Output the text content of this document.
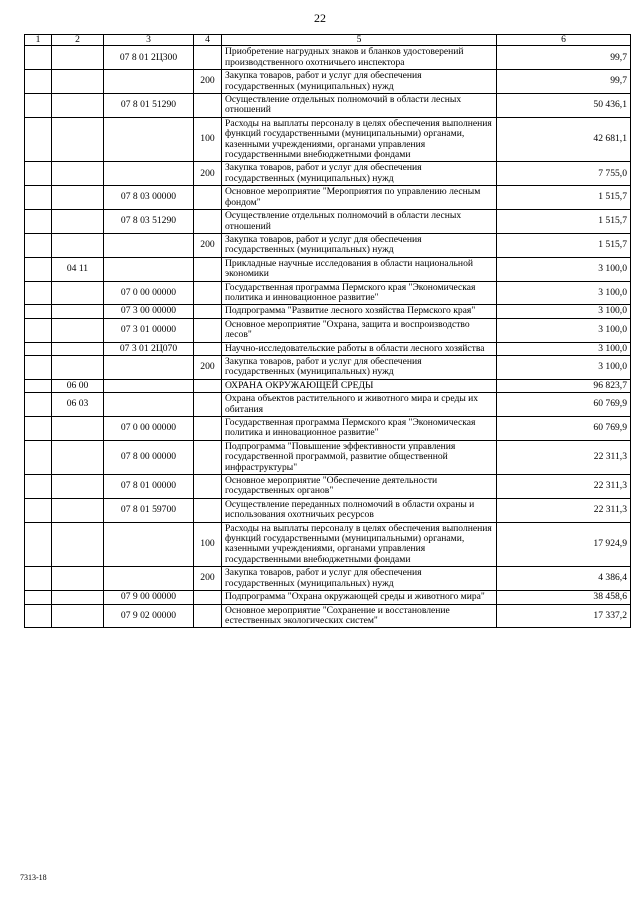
22
1	2	3	4	5	6
		07 8 01 2Ц300		Приобретение нагрудных знаков и бланков удостоверений производственного охотничьего инспектора	99,7
			200	Закупка товаров, работ и услуг для обеспечения государственных (муниципальных) нужд	99,7
		07 8 01 51290		Осуществление отдельных полномочий в области лесных отношений	50 436,1
			100	Расходы на выплаты персоналу в целях обеспечения выполнения функций государственными (муниципальными) органами, казенными учреждениями, органами управления государственными внебюджетными фондами	42 681,1
			200	Закупка товаров, работ и услуг для обеспечения государственных (муниципальных) нужд	7 755,0
		07 8 03 00000		Основное мероприятие "Мероприятия по управлению лесным фондом"	1 515,7
		07 8 03 51290		Осуществление отдельных полномочий в области лесных отношений	1 515,7
			200	Закупка товаров, работ и услуг для обеспечения государственных (муниципальных) нужд	1 515,7
	04 11			Прикладные научные исследования в области национальной экономики	3 100,0
		07 0 00 00000		Государственная программа Пермского края "Экономическая политика и инновационное развитие"	3 100,0
		07 3 00 00000		Подпрограмма "Развитие лесного хозяйства Пермского края"	3 100,0
		07 3 01 00000		Основное мероприятие "Охрана, защита и воспроизводство лесов"	3 100,0
		07 3 01 2Ц070		Научно-исследовательские работы в области лесного хозяйства	3 100,0
			200	Закупка товаров, работ и услуг для обеспечения государственных (муниципальных) нужд	3 100,0
	06 00			ОХРАНА ОКРУЖАЮЩЕЙ СРЕДЫ	96 823,7
	06 03			Охрана объектов растительного и животного мира и среды их обитания	60 769,9
		07 0 00 00000		Государственная программа Пермского края "Экономическая политика и инновационное развитие"	60 769,9
		07 8 00 00000		Подпрограмма "Повышение эффективности управления государственной программой, развитие общественной инфраструктуры"	22 311,3
		07 8 01 00000		Основное мероприятие "Обеспечение деятельности государственных органов"	22 311,3
		07 8 01 59700		Осуществление переданных полномочий в области охраны и использования охотничьих ресурсов	22 311,3
			100	Расходы на выплаты персоналу в целях обеспечения выполнения функций государственными (муниципальными) органами, казенными учреждениями, органами управления государственными внебюджетными фондами	17 924,9
			200	Закупка товаров, работ и услуг для обеспечения государственных (муниципальных) нужд	4 386,4
		07 9 00 00000		Подпрограмма "Охрана окружающей среды и животного мира"	38 458,6
		07 9 02 00000		Основное мероприятие "Сохранение и восстановление естественных экологических систем"	17 337,2
7313-18
